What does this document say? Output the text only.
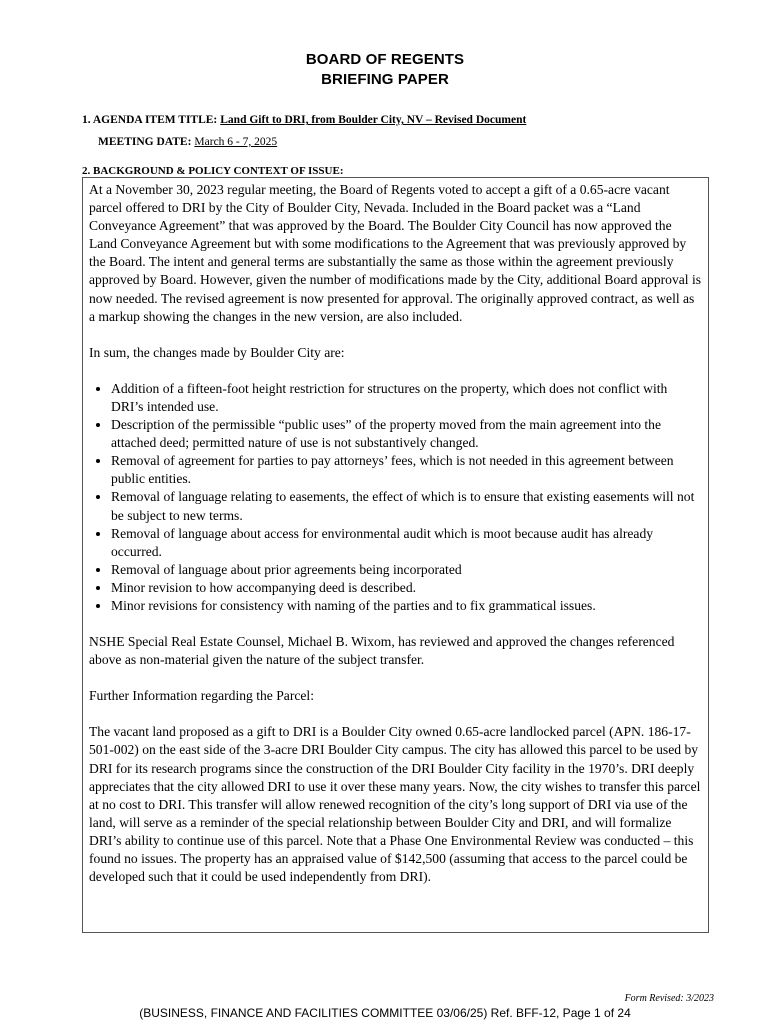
BOARD OF REGENTS
BRIEFING PAPER
1. AGENDA ITEM TITLE: Land Gift to DRI, from Boulder City, NV – Revised Document
MEETING DATE: March 6 - 7, 2025
2. BACKGROUND & POLICY CONTEXT OF ISSUE:

At a November 30, 2023 regular meeting, the Board of Regents voted to accept a gift of a 0.65-acre vacant parcel offered to DRI by the City of Boulder City, Nevada. Included in the Board packet was a “Land Conveyance Agreement” that was approved by the Board. The Boulder City Council has now approved the Land Conveyance Agreement but with some modifications to the Agreement that was previously approved by the Board. The intent and general terms are substantially the same as those within the agreement previously approved by Board. However, given the number of modifications made by the City, additional Board approval is now needed. The revised agreement is now presented for approval. The originally approved contract, as well as a markup showing the changes in the new version, are also included.

In sum, the changes made by Boulder City are:

• Addition of a fifteen-foot height restriction for structures on the property, which does not conflict with DRI’s intended use.
• Description of the permissible “public uses” of the property moved from the main agreement into the attached deed; permitted nature of use is not substantively changed.
• Removal of agreement for parties to pay attorneys’ fees, which is not needed in this agreement between public entities.
• Removal of language relating to easements, the effect of which is to ensure that existing easements will not be subject to new terms.
• Removal of language about access for environmental audit which is moot because audit has already occurred.
• Removal of language about prior agreements being incorporated
• Minor revision to how accompanying deed is described.
• Minor revisions for consistency with naming of the parties and to fix grammatical issues.

NSHE Special Real Estate Counsel, Michael B. Wixom, has reviewed and approved the changes referenced above as non-material given the nature of the subject transfer.

Further Information regarding the Parcel:

The vacant land proposed as a gift to DRI is a Boulder City owned 0.65-acre landlocked parcel (APN. 186-17-501-002) on the east side of the 3-acre DRI Boulder City campus. The city has allowed this parcel to be used by DRI for its research programs since the construction of the DRI Boulder City facility in the 1970’s. DRI deeply appreciates that the city allowed DRI to use it over these many years. Now, the city wishes to transfer this parcel at no cost to DRI. This transfer will allow renewed recognition of the city’s long support of DRI via use of the land, will serve as a reminder of the special relationship between Boulder City and DRI, and will formalize DRI’s ability to continue use of this parcel. Note that a Phase One Environmental Review was conducted – this found no issues. The property has an appraised value of $142,500 (assuming that access to the parcel could be developed such that it could be used independently from DRI).

Form Revised: 3/2023
(BUSINESS, FINANCE AND FACILITIES COMMITTEE 03/06/25) Ref. BFF-12, Page 1 of 24
